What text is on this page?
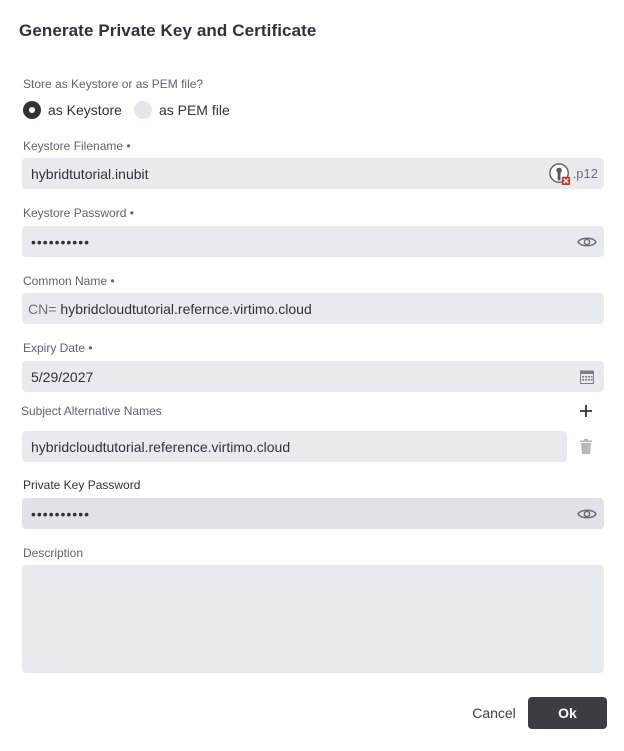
Generate Private Key and Certificate
Store as Keystore or as PEM file?
as Keystore	as PEM file
Keystore Filename •
hybridtutorial.inubit	.p12
Keystore Password •
••••••••••
Common Name •
CN= hybridcloudtutorial.refernce.virtimo.cloud
Expiry Date •
5/29/2027
Subject Alternative Names
hybridcloudtutorial.reference.virtimo.cloud
Private Key Password
••••••••••
Description
Cancel	Ok
